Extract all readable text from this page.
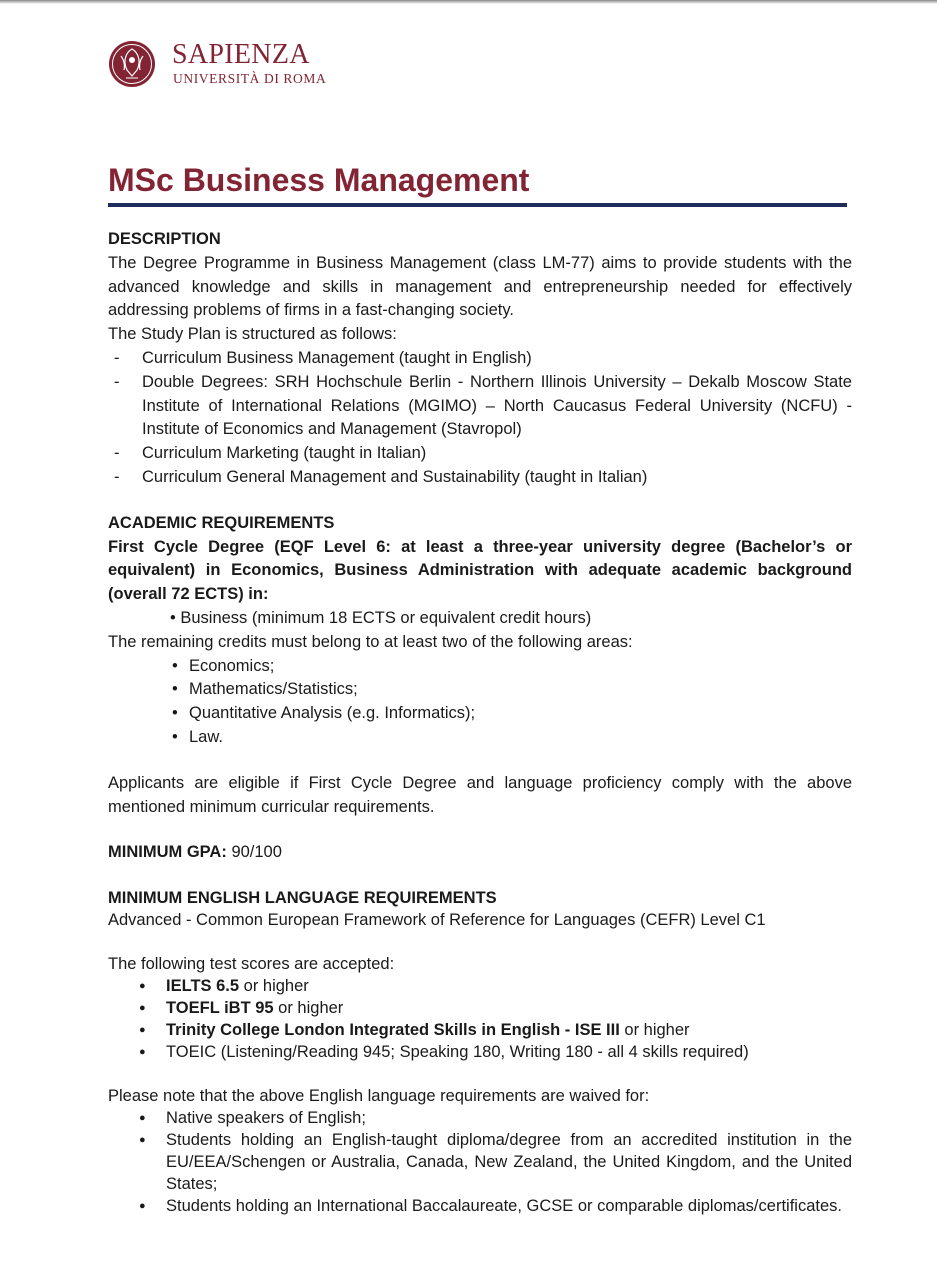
SAPIENZA
UNIVERSITÀ DI ROMA
MSc Business Management

DESCRIPTION

The Degree Programme in Business Management (class LM-77) aims to provide students with the advanced knowledge and skills in management and entrepreneurship needed for effectively addressing problems of firms in a fast-changing society.

The Study Plan is structured as follows:

- Curriculum Business Management (taught in English)
- Double Degrees: SRH Hochschule Berlin - Northern Illinois University – Dekalb Moscow State Institute of International Relations (MGIMO) – North Caucasus Federal University (NCFU) - Institute of Economics and Management (Stavropol)
- Curriculum Marketing (taught in Italian)
- Curriculum General Management and Sustainability (taught in Italian)

ACADEMIC REQUIREMENTS

First Cycle Degree (EQF Level 6: at least a three-year university degree (Bachelor’s or equivalent) in Economics, Business Administration with adequate academic background (overall 72 ECTS) in:

• Business (minimum 18 ECTS or equivalent credit hours)

The remaining credits must belong to at least two of the following areas:

• Economics;
• Mathematics/Statistics;
• Quantitative Analysis (e.g. Informatics);
• Law.

Applicants are eligible if First Cycle Degree and language proficiency comply with the above mentioned minimum curricular requirements.

MINIMUM GPA: 90/100

MINIMUM ENGLISH LANGUAGE REQUIREMENTS

Advanced - Common European Framework of Reference for Languages (CEFR) Level C1

The following test scores are accepted:

● IELTS 6.5 or higher
● TOEFL iBT 95 or higher
● Trinity College London Integrated Skills in English - ISE III or higher
● TOEIC (Listening/Reading 945; Speaking 180, Writing 180 - all 4 skills required)

Please note that the above English language requirements are waived for:

● Native speakers of English;
● Students holding an English-taught diploma/degree from an accredited institution in the EU/EEA/Schengen or Australia, Canada, New Zealand, the United Kingdom, and the United States;
● Students holding an International Baccalaureate, GCSE or comparable diplomas/certificates.
